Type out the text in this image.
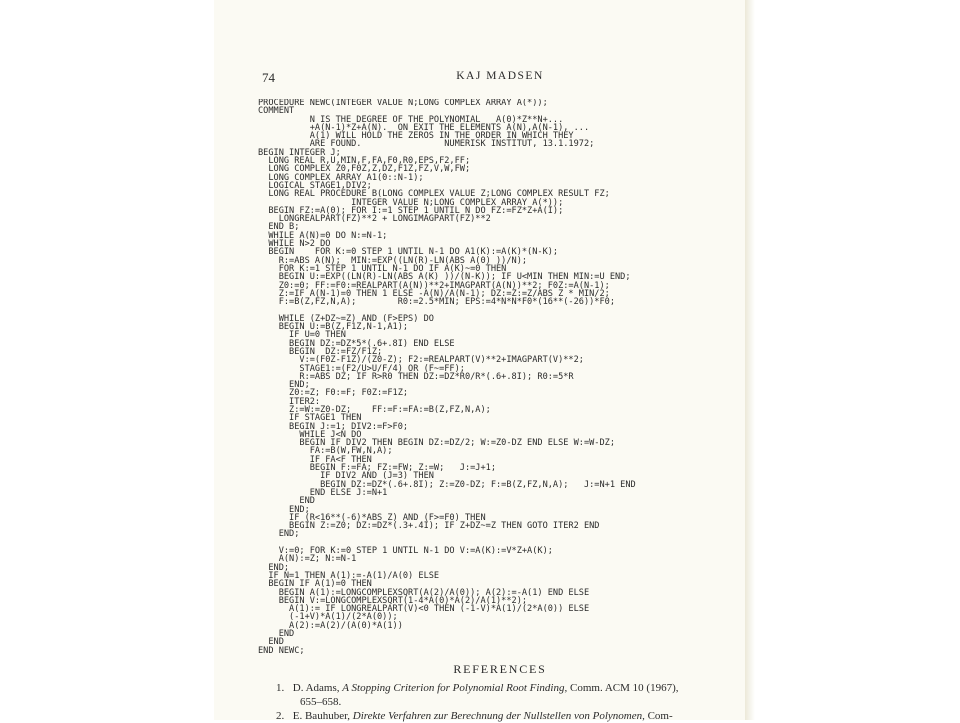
74	KAJ MADSEN
PROCEDURE NEWC(INTEGER VALUE N;LONG COMPLEX ARRAY A(*));
COMMENT
N IS THE DEGREE OF THE POLYNOMIAL   A(0)*Z**N+...
+A(N-1)*Z+A(N).  ON EXIT THE ELEMENTS A(N),A(N-1), ...
A(1) WILL HOLD THE ZEROS IN THE ORDER IN WHICH THEY
ARE FOUND.                NUMERISK INSTITUT, 13.1.1972;
BEGIN INTEGER J;
LONG REAL R,U,MIN,F,FA,F0,R0,EPS,F2,FF;
LONG COMPLEX Z0,F0Z,Z,DZ,F1Z,FZ,V,W,FW;
LONG COMPLEX ARRAY A1(0::N-1);
LOGICAL STAGE1,DIV2;
LONG REAL PROCEDURE B(LONG COMPLEX VALUE Z;LONG COMPLEX RESULT FZ;
INTEGER VALUE N;LONG COMPLEX ARRAY A(*));
BEGIN FZ:=A(0); FOR I:=1 STEP 1 UNTIL N DO FZ:=FZ*Z+A(I);
LONGREALPART(FZ)**2 + LONGIMAGPART(FZ)**2
END B;
WHILE A(N)=0 DO N:=N-1;
WHILE N>2 DO
BEGIN    FOR K:=0 STEP 1 UNTIL N-1 DO A1(K):=A(K)*(N-K);
R:=ABS A(N);  MIN:=EXP((LN(R)-LN(ABS A(0) ))/N);
FOR K:=1 STEP 1 UNTIL N-1 DO IF A(K)~=0 THEN
BEGIN U:=EXP((LN(R)-LN(ABS A(K) ))/(N-K)); IF U<MIN THEN MIN:=U END;
Z0:=0; FF:=F0:=REALPART(A(N))**2+IMAGPART(A(N))**2; F0Z:=A(N-1);
Z:=IF A(N-1)=0 THEN 1 ELSE -A(N)/A(N-1); DZ:=Z:=Z/ABS Z * MIN/2;
F:=B(Z,FZ,N,A);        R0:=2.5*MIN; EPS:=4*N*N*F0*(16**(-26))*F0;
WHILE (Z+DZ~=Z) AND (F>EPS) DO
BEGIN U:=B(Z,F1Z,N-1,A1);
IF U=0 THEN
BEGIN DZ:=DZ*5*(.6+.8I) END ELSE
BEGIN  DZ:=FZ/F1Z;
V:=(F0Z-F1Z)/(Z0-Z); F2:=REALPART(V)**2+IMAGPART(V)**2;
STAGE1:=(F2/U>U/F/4) OR (F~=FF);
R:=ABS DZ; IF R>R0 THEN DZ:=DZ*R0/R*(.6+.8I); R0:=5*R
END;
Z0:=Z; F0:=F; F0Z:=F1Z;
ITER2:
Z:=W:=Z0-DZ;    FF:=F:=FA:=B(Z,FZ,N,A);
IF STAGE1 THEN
BEGIN J:=1; DIV2:=F>F0;
WHILE J<N DO
BEGIN IF DIV2 THEN BEGIN DZ:=DZ/2; W:=Z0-DZ END ELSE W:=W-DZ;
FA:=B(W,FW,N,A);
IF FA<F THEN
BEGIN F:=FA; FZ:=FW; Z:=W;   J:=J+1;
IF DIV2 AND (J=3) THEN
BEGIN DZ:=DZ*(.6+.8I); Z:=Z0-DZ; F:=B(Z,FZ,N,A);   J:=N+1 END
END ELSE J:=N+1
END
END;
IF (R<16**(-6)*ABS Z) AND (F>=F0) THEN
BEGIN Z:=Z0; DZ:=DZ*(.3+.4I); IF Z+DZ~=Z THEN GOTO ITER2 END
END;
V:=0; FOR K:=0 STEP 1 UNTIL N-1 DO V:=A(K):=V*Z+A(K);
A(N):=Z; N:=N-1
END;
IF N=1 THEN A(1):=-A(1)/A(0) ELSE
BEGIN IF A(1)=0 THEN
BEGIN A(1):=LONGCOMPLEXSQRT(A(2)/A(0)); A(2):=-A(1) END ELSE
BEGIN V:=LONGCOMPLEXSQRT(1-4*A(0)*A(2)/A(1)**2);
A(1):= IF LONGREALPART(V)<0 THEN (-1-V)*A(1)/(2*A(0)) ELSE
(-1+V)*A(1)/(2*A(0));
A(2):=A(2)/(A(0)*A(1))
END
END
END NEWC;
REFERENCES

1. D. Adams, A Stopping Criterion for Polynomial Root Finding, Comm. ACM 10 (1967),
655–658.

2. E. Bauhuber, Direkte Verfahren zur Berechnung der Nullstellen von Polynomen, Com-
